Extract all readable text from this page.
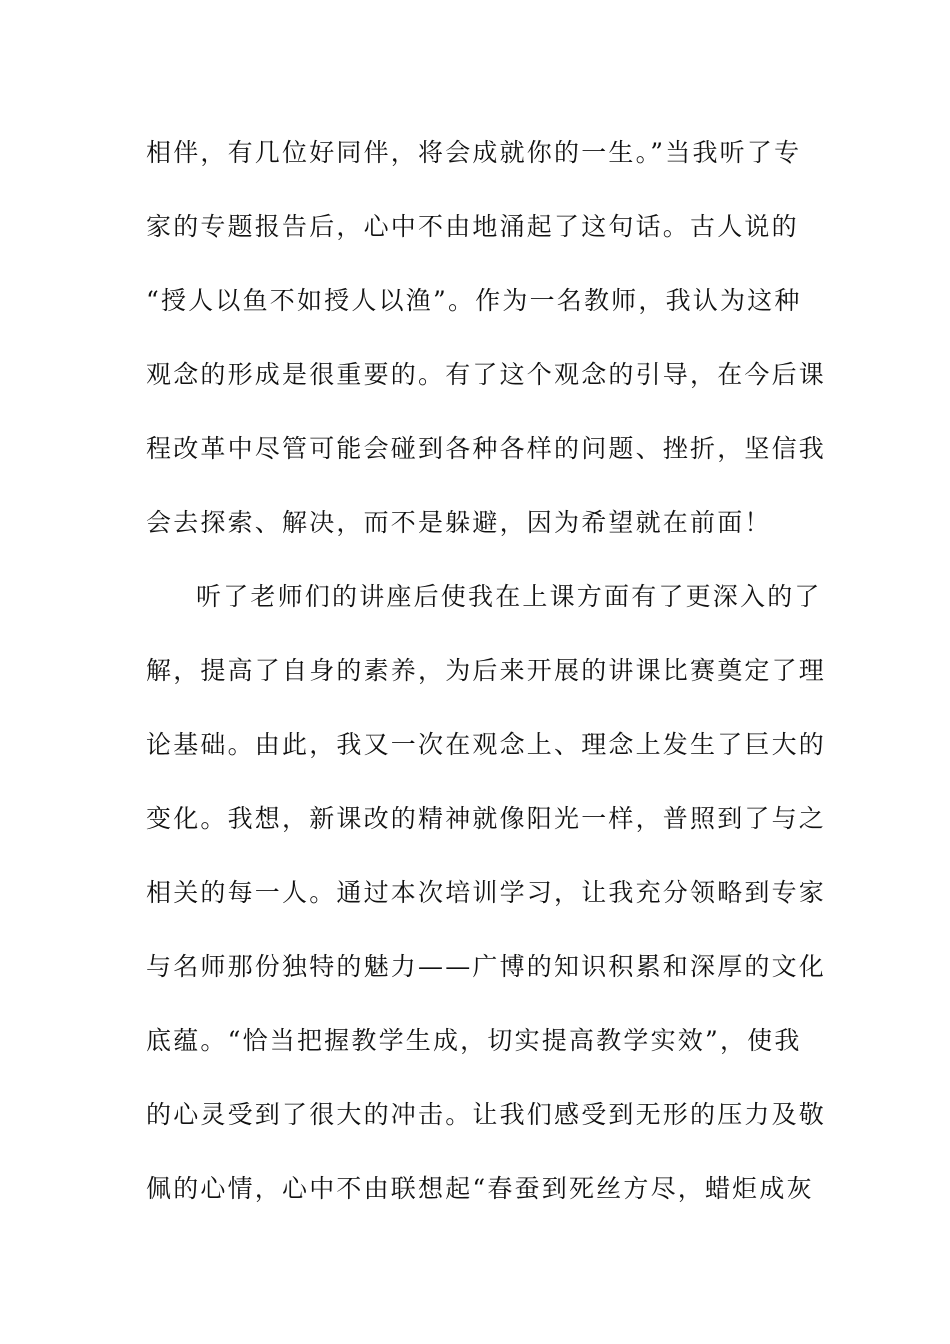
相伴，有几位好同伴，将会成就你的一生。”当我听了专
家的专题报告后，心中不由地涌起了这句话。古人说的
“授人以鱼不如授人以渔”。作为一名教师，我认为这种
观念的形成是很重要的。有了这个观念的引导，在今后课
程改革中尽管可能会碰到各种各样的问题、挫折，坚信我
会去探索、解决，而不是躲避，因为希望就在前面！
听了老师们的讲座后使我在上课方面有了更深入的了
解，提高了自身的素养，为后来开展的讲课比赛奠定了理
论基础。由此，我又一次在观念上、理念上发生了巨大的
变化。我想，新课改的精神就像阳光一样，普照到了与之
相关的每一人。通过本次培训学习，让我充分领略到专家
与名师那份独特的魅力——广博的知识积累和深厚的文化
底蕴。“恰当把握教学生成，切实提高教学实效”，使我
的心灵受到了很大的冲击。让我们感受到无形的压力及敬
佩的心情，心中不由联想起“春蚕到死丝方尽，蜡炬成灰
